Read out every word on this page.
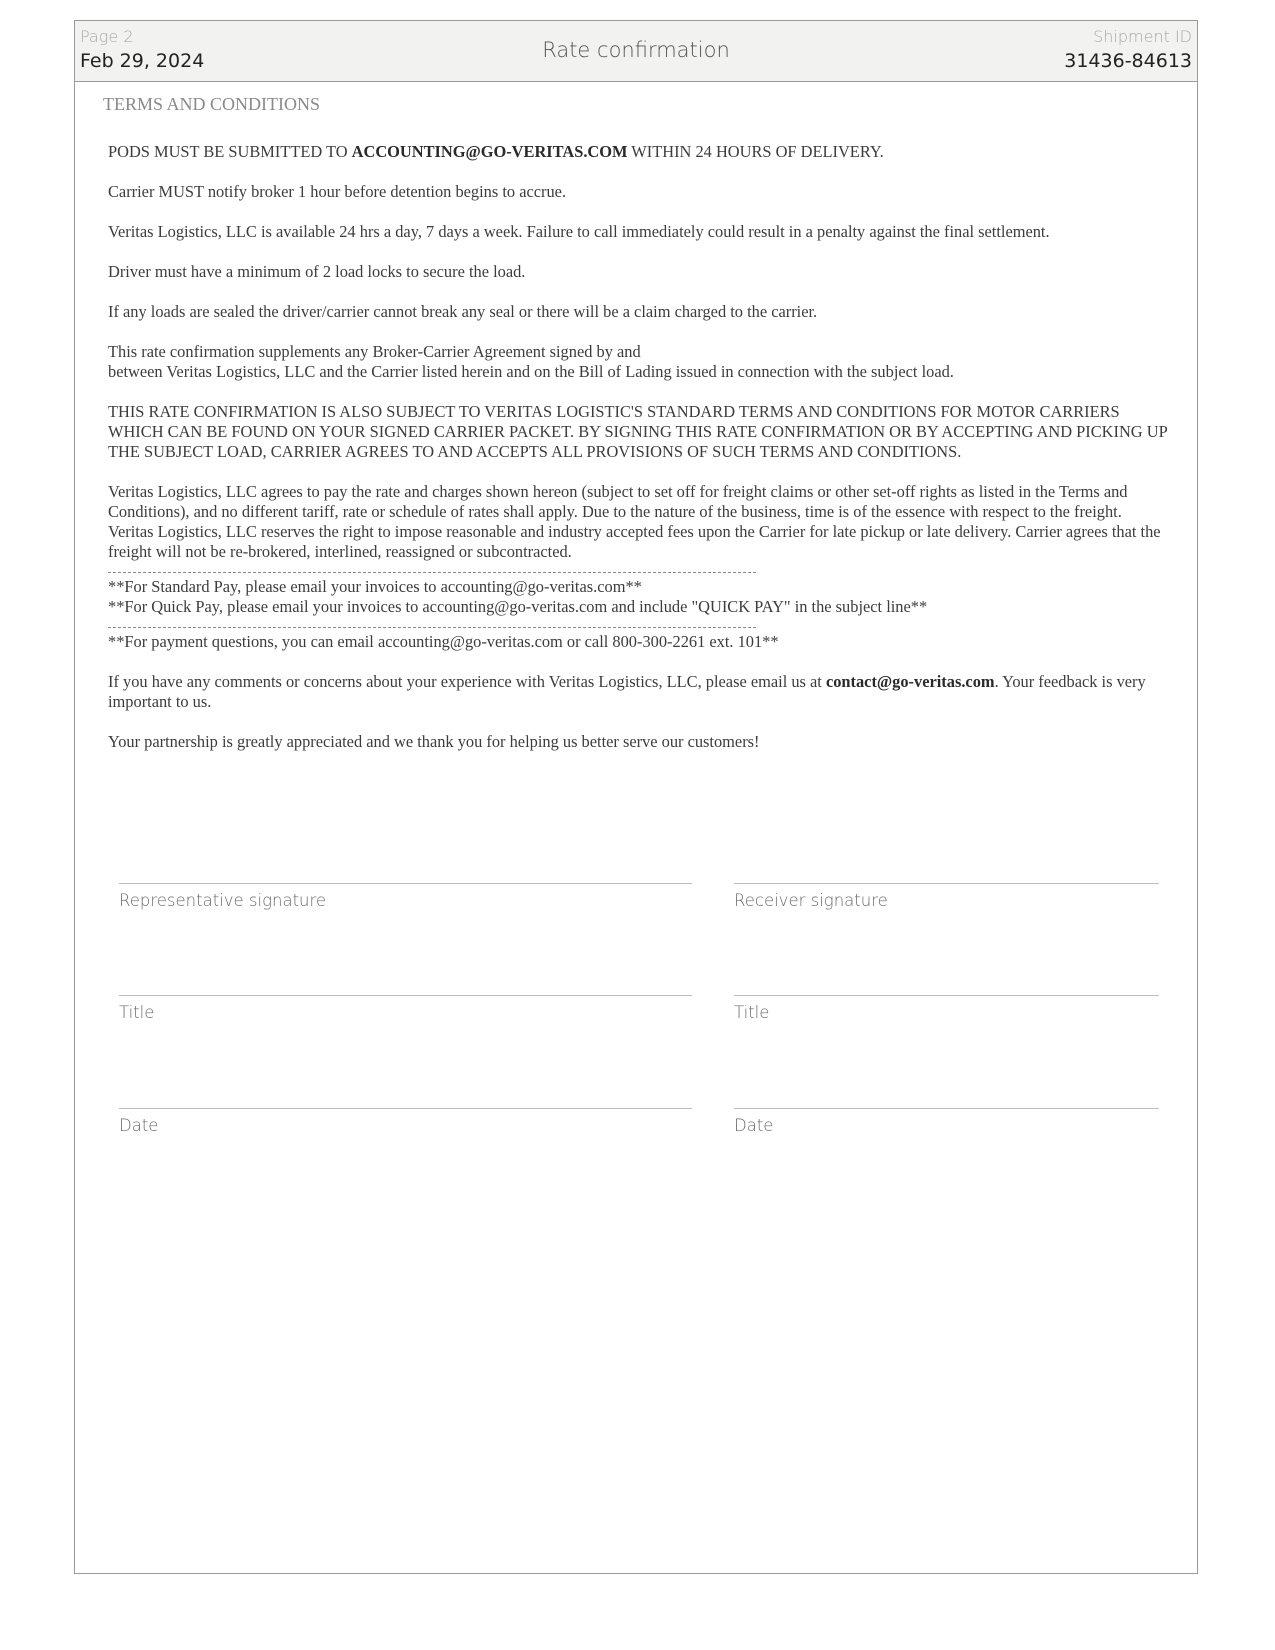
Page 2
Feb 29, 2024	Rate confirmation
Shipment ID
31436-84613
TERMS AND CONDITIONS

PODS MUST BE SUBMITTED TO ACCOUNTING@GO-VERITAS.COM WITHIN 24 HOURS OF DELIVERY.

Carrier MUST notify broker 1 hour before detention begins to accrue.

Veritas Logistics, LLC is available 24 hrs a day, 7 days a week. Failure to call immediately could result in a penalty against the final settlement.

Driver must have a minimum of 2 load locks to secure the load.

If any loads are sealed the driver/carrier cannot break any seal or there will be a claim charged to the carrier.

This rate confirmation supplements any Broker-Carrier Agreement signed by and
between Veritas Logistics, LLC and the Carrier listed herein and on the Bill of Lading issued in connection with the subject load.

THIS RATE CONFIRMATION IS ALSO SUBJECT TO VERITAS LOGISTIC'S STANDARD TERMS AND CONDITIONS FOR MOTOR CARRIERS WHICH CAN BE FOUND ON YOUR SIGNED CARRIER PACKET. BY SIGNING THIS RATE CONFIRMATION OR BY ACCEPTING AND PICKING UP THE SUBJECT LOAD, CARRIER AGREES TO AND ACCEPTS ALL PROVISIONS OF SUCH TERMS AND CONDITIONS.

Veritas Logistics, LLC agrees to pay the rate and charges shown hereon (subject to set off for freight claims or other set-off rights as listed in the Terms and Conditions), and no different tariff, rate or schedule of rates shall apply. Due to the nature of the business, time is of the essence with respect to the freight. Veritas Logistics, LLC reserves the right to impose reasonable and industry accepted fees upon the Carrier for late pickup or late delivery. Carrier agrees that the freight will not be re-brokered, interlined, reassigned or subcontracted.

**For Standard Pay, please email your invoices to accounting@go-veritas.com**

**For Quick Pay, please email your invoices to accounting@go-veritas.com and include "QUICK PAY" in the subject line**

**For payment questions, you can email accounting@go-veritas.com or call 800-300-2261 ext. 101**

If you have any comments or concerns about your experience with Veritas Logistics, LLC, please email us at contact@go-veritas.com. Your feedback is very important to us.

Your partnership is greatly appreciated and we thank you for helping us better serve our customers!

Representative signature	Receiver signature
Title	Title
Date	Date
